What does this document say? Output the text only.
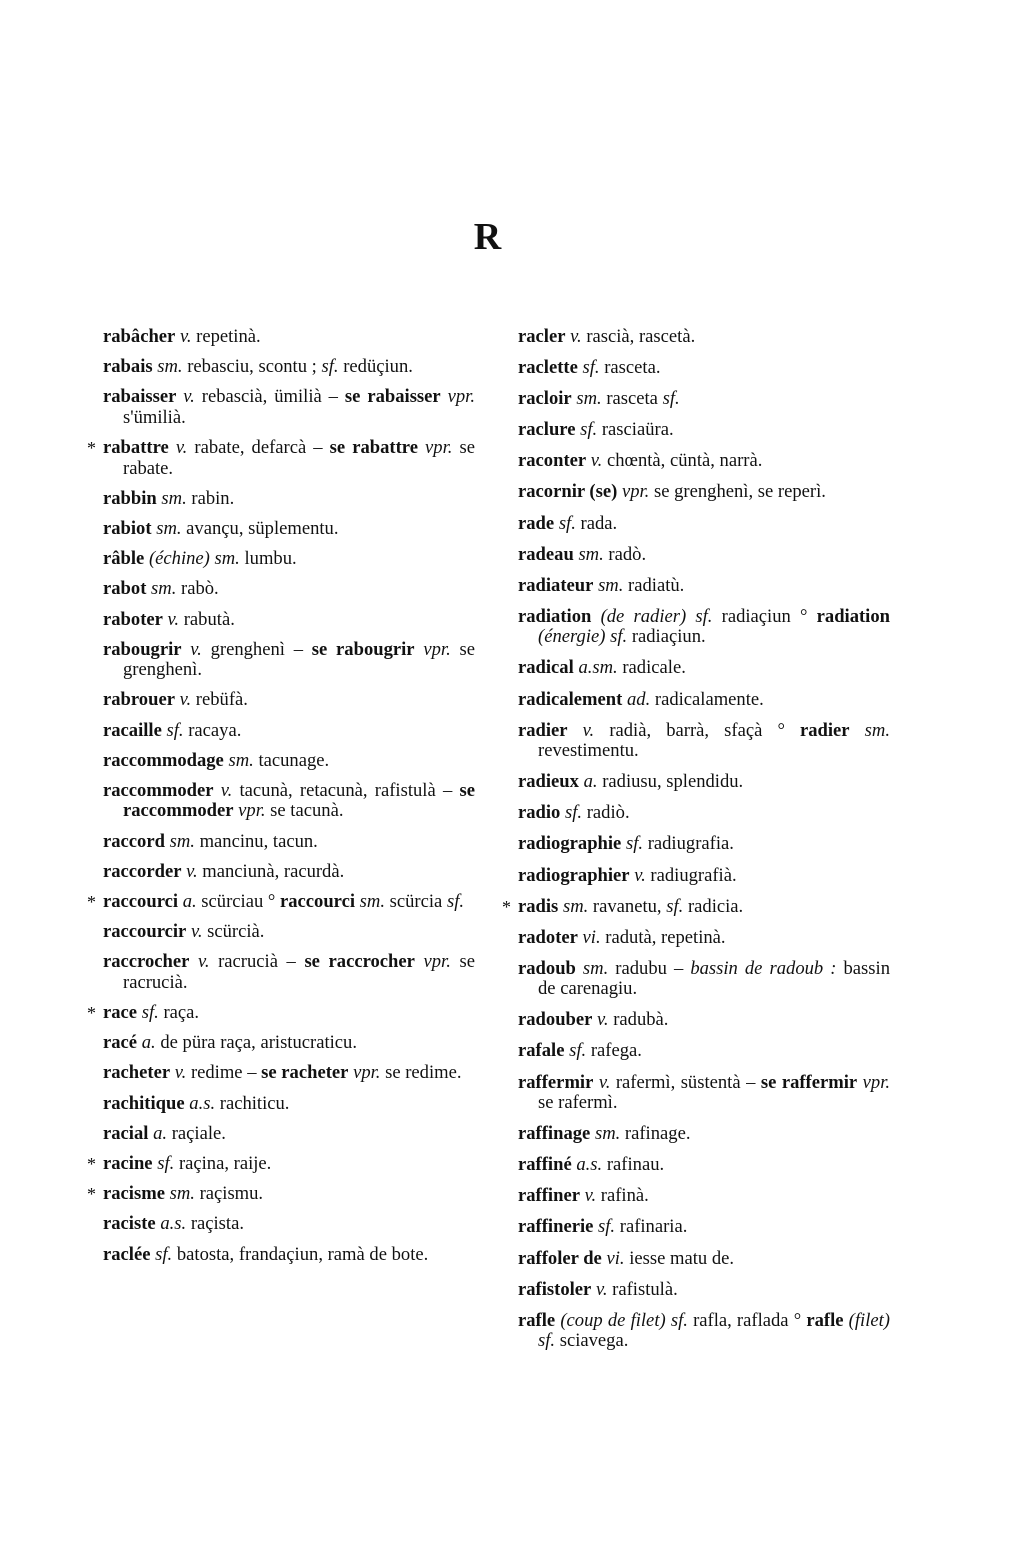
R
rabâcher v. repetinà.
rabais sm. rebasciu, scontu ; sf. redüçiun.
rabaisser v. rebascià, ümilià – se rabaisser vpr. s'ümilià.
* rabattre v. rabate, defarcà – se rabattre vpr. se rabate.
rabbin sm. rabin.
rabiot sm. avançu, süplementu.
râble (échine) sm. lumbu.
rabot sm. rabò.
raboter v. rabutà.
rabougrir v. grenghenì – se rabougrir vpr. se grenghenì.
rabrouer v. rebüfà.
racaille sf. racaya.
raccommodage sm. tacunage.
raccommoder v. tacunà, retacunà, rafistulà – se raccommoder vpr. se tacunà.
raccord sm. mancinu, tacun.
raccorder v. manciunà, racurdà.
* raccourci a. scürciau ° raccourci sm. scürcia sf.
raccourcir v. scürcià.
raccrocher v. racrucià – se raccrocher vpr. se racrucià.
* race sf. raça.
racé a. de püra raça, aristucraticu.
racheter v. redime – se racheter vpr. se redime.
rachitique a.s. rachiticu.
racial a. raçiale.
* racine sf. raçina, raije.
* racisme sm. raçismu.
raciste a.s. raçista.
raclée sf. batosta, frandaçiun, ramà de bote.
racler v. rascià, rascetà.
raclette sf. rasceta.
racloir sm. rasceta sf.
raclure sf. rasciaüra.
raconter v. chœntà, cüntà, narrà.
racornir (se) vpr. se grenghenì, se reperì.
rade sf. rada.
radeau sm. radò.
radiateur sm. radiatù.
radiation (de radier) sf. radiaçiun ° radiation (énergie) sf. radiaçiun.
radical a.sm. radicale.
radicalement ad. radicalamente.
radier v. radià, barrà, sfaçà ° radier sm. revestimentu.
radieux a. radiusu, splendidu.
radio sf. radiò.
radiographie sf. radiugrafia.
radiographier v. radiugrafià.
* radis sm. ravanetu, sf. radicia.
radoter vi. radutà, repetinà.
radoub sm. radubu – bassin de radoub : bassin de carenagiu.
radouber v. radubà.
rafale sf. rafega.
raffermir v. rafermì, süstentà – se raffermir vpr. se rafermì.
raffinage sm. rafinage.
raffiné a.s. rafinau.
raffiner v. rafinà.
raffinerie sf. rafinaria.
raffoler de vi. iesse matu de.
rafistoler v. rafistulà.
rafle (coup de filet) sf. rafla, raflada ° rafle (filet) sf. sciavega.
